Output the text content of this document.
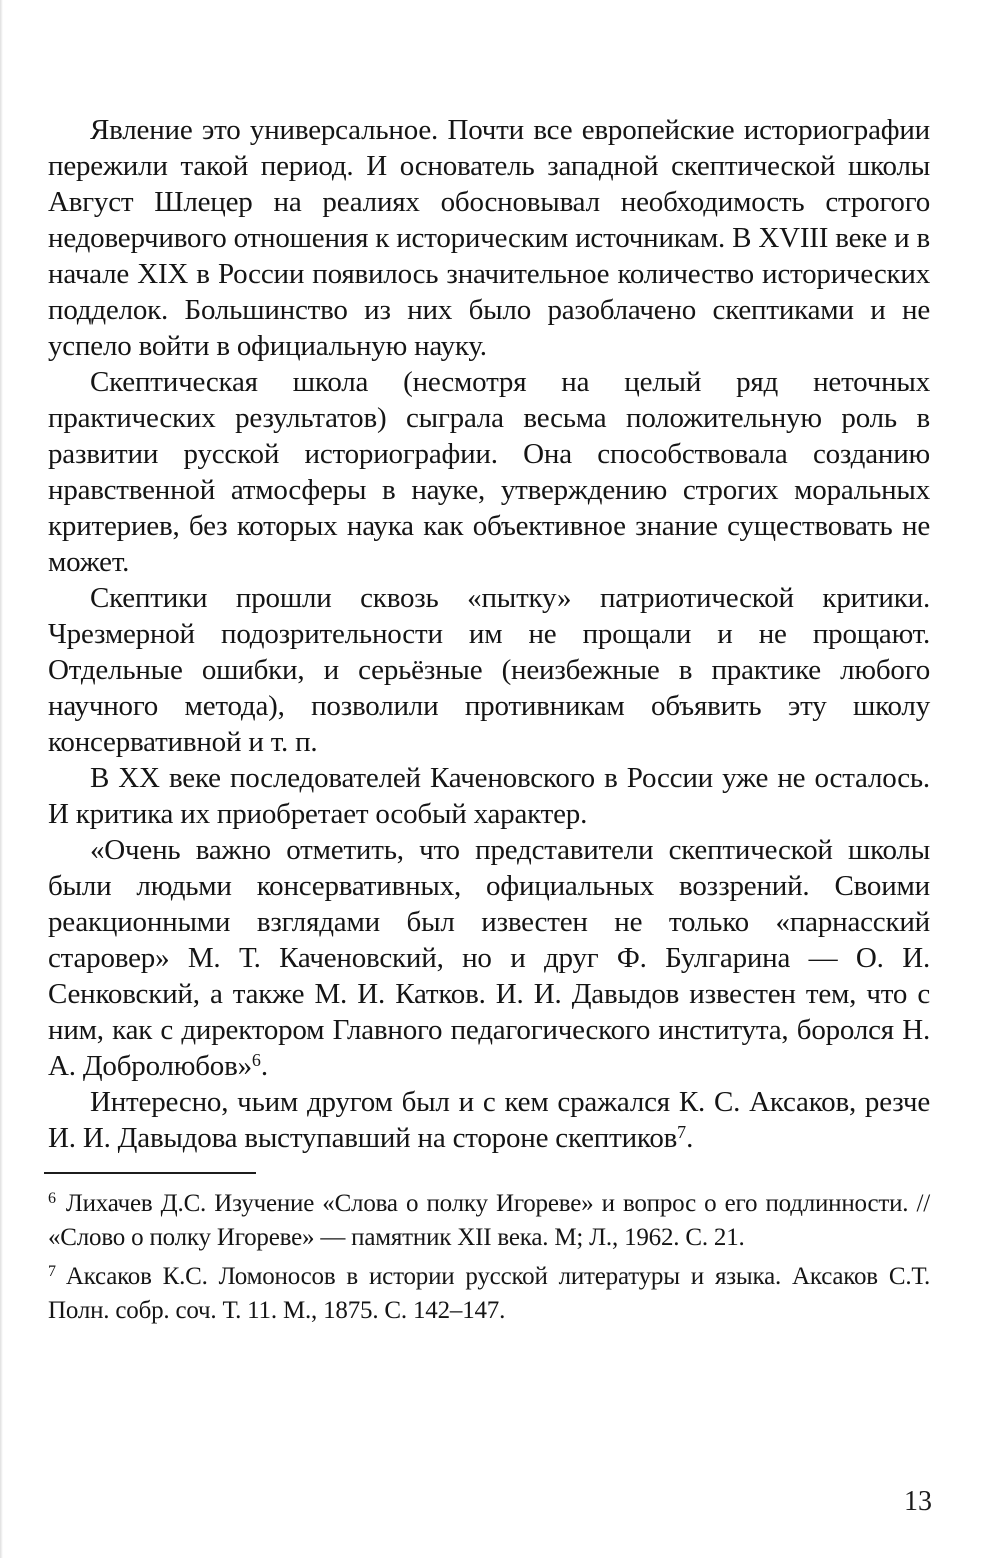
Явление это универсальное. Почти все европейские историографии пережили такой период. И основатель западной скептической школы Август Шлецер на реалиях обосновывал необходимость строгого недоверчивого отношения к историческим источникам. В XVIII веке и в начале XIX в России появилось значительное количество исторических подделок. Большинство из них было разоблачено скептиками и не успело войти в официальную науку.

Скептическая школа (несмотря на целый ряд неточных практических результатов) сыграла весьма положительную роль в развитии русской историографии. Она способствовала созданию нравственной атмосферы в науке, утверждению строгих моральных критериев, без которых наука как объективное знание существовать не может.

Скептики прошли сквозь «пытку» патриотической критики. Чрезмерной подозрительности им не прощали и не прощают. Отдельные ошибки, и серьёзные (неизбежные в практике любого научного метода), позволили противникам объявить эту школу консервативной и т. п.

В XX веке последователей Каченовского в России уже не осталось. И критика их приобретает особый характер.

«Очень важно отметить, что представители скептической школы были людьми консервативных, официальных воззрений. Своими реакционными взглядами был известен не только «парнасский старовер» М. Т. Каченовский, но и друг Ф. Булгарина — О. И. Сенковский, а также М. И. Катков. И. И. Давыдов известен тем, что с ним, как с директором Главного педагогического института, боролся Н. А. Добролюбов»$^6$.

Интересно, чьим другом был и с кем сражался К. С. Аксаков, резче И. И. Давыдова выступавший на стороне скептиков$^7$.

$^6$ Лихачев Д.С. Изучение «Слова о полку Игореве» и вопрос о его подлинности. // «Слово о полку Игореве» — памятник XII века. М; Л., 1962. С. 21.

$^7$ Аксаков К.С. Ломоносов в истории русской литературы и языка. Аксаков С.Т. Полн. собр. соч. Т. 11. М., 1875. С. 142–147.

13
